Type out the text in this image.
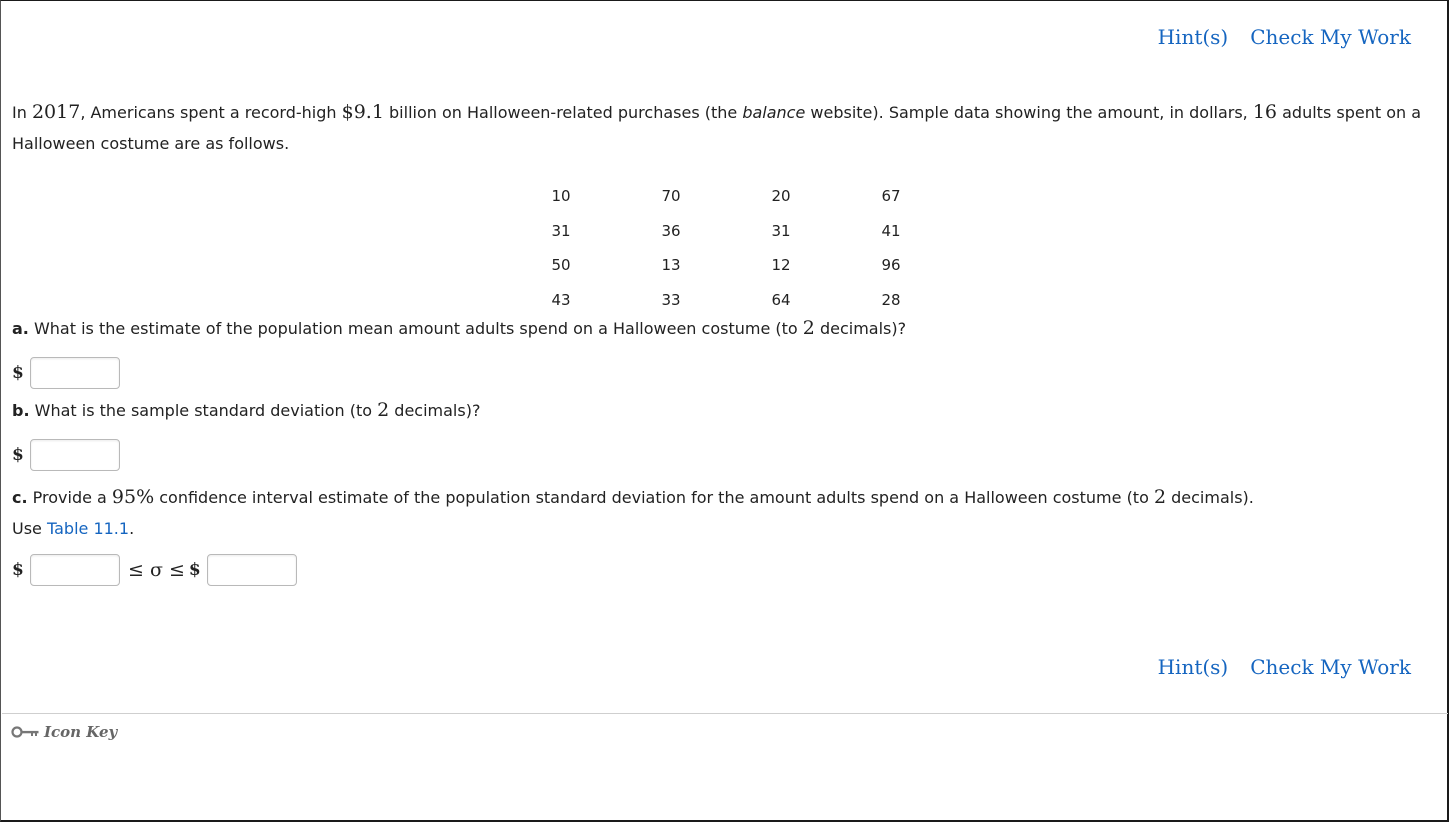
Hint(s) Check My Work

In 2017, Americans spent a record-high $9.1 billion on Halloween-related purchases (the balance website). Sample data showing the amount, in dollars, 16 adults spent on a Halloween costume are as follows.

10	70	20	67
31	36	31	41
50	13	12	96
43	33	64	28

a. What is the estimate of the population mean amount adults spend on a Halloween costume (to 2 decimals)?

$

b. What is the sample standard deviation (to 2 decimals)?

$

c. Provide a 95% confidence interval estimate of the population standard deviation for the amount adults spend on a Halloween costume (to 2 decimals).
Use Table 11.1.

$	≤ σ ≤ $
Hint(s) Check My Work
Icon Key
